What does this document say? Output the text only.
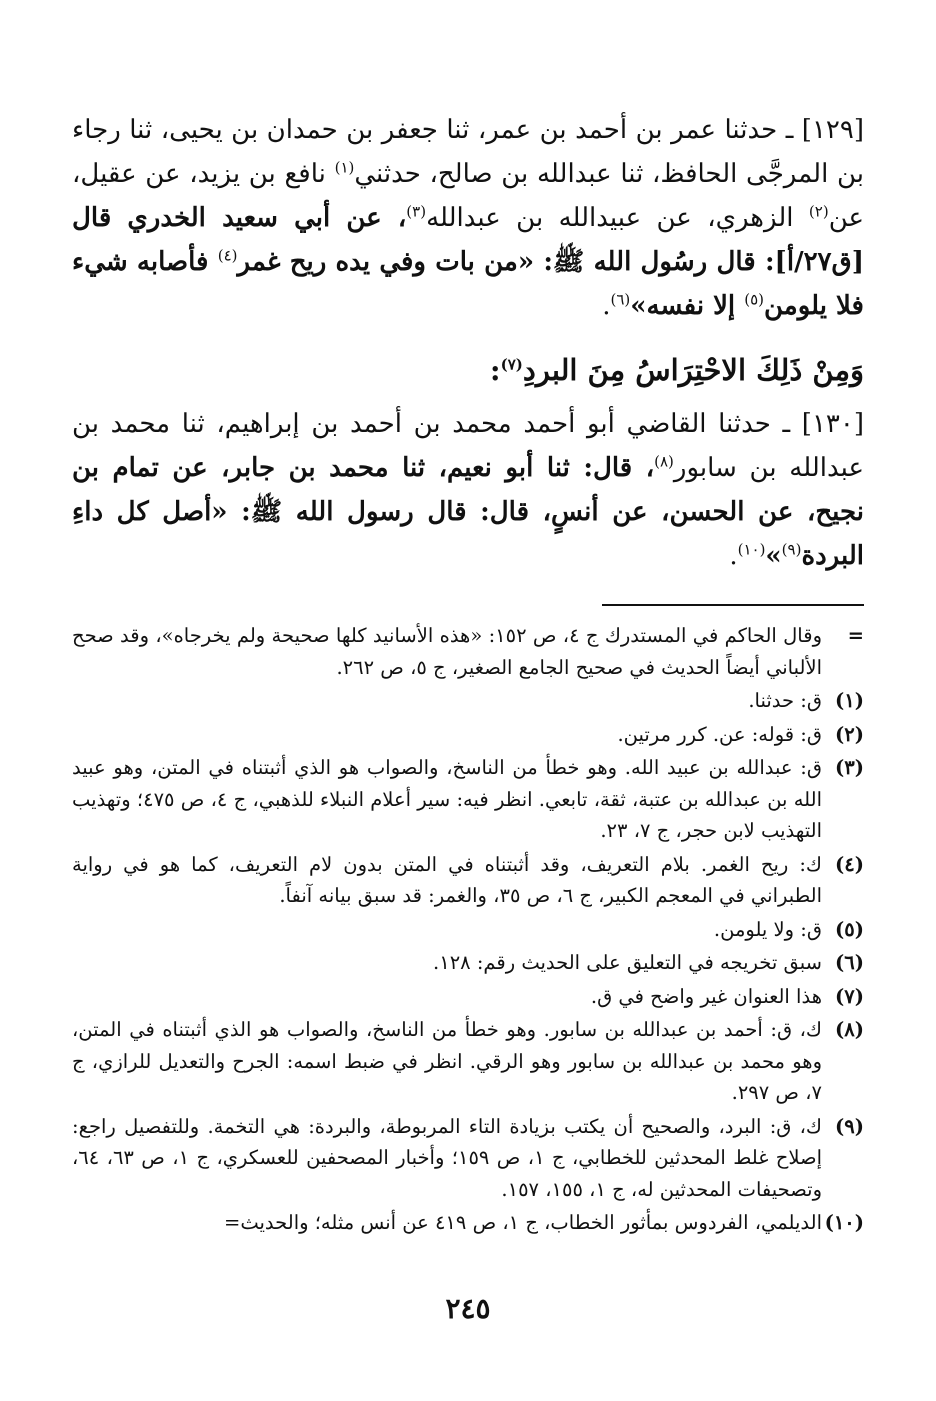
[١٢٩] ـ حدثنا عمر بن أحمد بن عمر، ثنا جعفر بن حمدان بن يحيى، ثنا رجاء بن المرجَّى الحافظ، ثنا عبدالله بن صالح، حدثني$^{(١)}$ نافع بن يزيد، عن عقيل، عن$^{(٢)}$ الزهري، عن عبيدالله بن عبدالله$^{(٣)}$، عن أبي سعيد الخدري قال [ق٢٧/أ]: قال رسُول الله ﷺ: «من بات وفي يده ريح غمر$^{(٤)}$ فأصابه شيء فلا يلومن$^{(٥)}$ إلا نفسه»$^{(٦)}$.

وَمِنْ ذَلِكَ الاحْتِرَاسُ مِنَ البردِ$^{(٧)}$:

[١٣٠] ـ حدثنا القاضي أبو أحمد محمد بن أحمد بن إبراهيم، ثنا محمد بن عبدالله بن سابور$^{(٨)}$، قال: ثنا أبو نعيم، ثنا محمد بن جابر، عن تمام بن نجيح، عن الحسن، عن أنسٍ، قال: قال رسول الله ﷺ: «أصل كل داءِ البردة$^{(٩)}$»$^{(١٠)}$.

=
وقال الحاكم في المستدرك ج ٤، ص ١٥٢: «هذه الأسانيد كلها صحيحة ولم يخرجاه»، وقد صحح الألباني أيضاً الحديث في صحيح الجامع الصغير، ج ٥، ص ٢٦٢.
(١)
ق: حدثنا.
(٢)
ق: قوله: عن. كرر مرتين.
(٣)
ق: عبدالله بن عبيد الله. وهو خطأ من الناسخ، والصواب هو الذي أثبتناه في المتن، وهو عبيد الله بن عبدالله بن عتبة، ثقة، تابعي. انظر فيه: سير أعلام النبلاء للذهبي، ج ٤، ص ٤٧٥؛ وتهذيب التهذيب لابن حجر، ج ٧، ٢٣.
(٤)
ك: ريح الغمر. بلام التعريف، وقد أثبتناه في المتن بدون لام التعريف، كما هو في رواية الطبراني في المعجم الكبير، ج ٦، ص ٣٥، والغمر: قد سبق بيانه آنفاً.
(٥)
ق: ولا يلومن.
(٦)
سبق تخريجه في التعليق على الحديث رقم: ١٢٨.
(٧)
هذا العنوان غير واضح في ق.
(٨)
ك، ق: أحمد بن عبدالله بن سابور. وهو خطأ من الناسخ، والصواب هو الذي أثبتناه في المتن، وهو محمد بن عبدالله بن سابور وهو الرقي. انظر في ضبط اسمه: الجرح والتعديل للرازي، ج ٧، ص ٢٩٧.
(٩)
ك، ق: البرد، والصحيح أن يكتب بزيادة التاء المربوطة، والبردة: هي التخمة. وللتفصيل راجع: إصلاح غلط المحدثين للخطابي، ج ١، ص ١٥٩؛ وأخبار المصحفين للعسكري، ج ١، ص ٦٣، ٦٤، وتصحيفات المحدثين له، ج ١، ١٥٥، ١٥٧.
(١٠)
الديلمي، الفردوس بمأثور الخطاب، ج ١، ص ٤١٩ عن أنس مثله؛ والحديث=
٢٤٥
